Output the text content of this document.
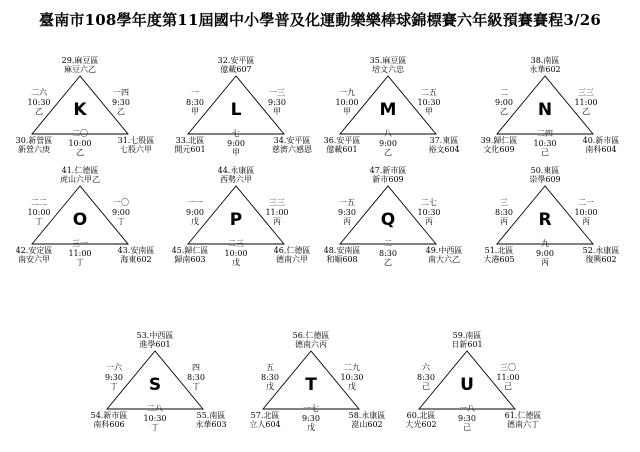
臺南市108學年度第11屆國中小學普及化運動樂樂棒球錦標賽六年級預賽賽程3/26
29.麻豆區
麻豆六乙
30.新營區
新營六庚
31.七股區
七股六甲
K
二六
10:30
乙
一四
9:30
乙
二〇
10:00
乙
32.安平區
億載607
33.北區
開元601
34.安平區
慈濟六感恩
L
一
8:30
甲
一三
9:30
甲
七
9:00
甲
35.麻豆區
培文六忠
36.安平區
億載601
37.東區
裕文604
M
一九
10:00
甲
二五
10:30
甲
八
9:00
乙
38.南區
永華602
39.歸仁區
文化609
40.新市區
南科604
N
二
9:00
乙
三三
11:00
乙
二四
10:30
己
41.仁德區
虎山六甲乙
42.安定區
南安六甲
43.安南區
海東602
O
二二
10:00
丁
一〇
9:00
丁
三一
11:00
丁
44.永康區
西勢六甲
45.歸仁區
歸南603
46.仁德區
德南六甲
P
一一
9:00
戊
三三
11:00
丙
二三
10:00
戊
47.新市區
新市609
48.安南區
和順608
49.中西區
南大六乙
Q
一五
9:30
丙
二七
10:30
丙
二
8:30
乙
50.東區
崇學609
51.北區
大港605
52.永康區
復興602
R
三
8:30
丙
二一
10:00
丙
九
9:00
丙
53.中西區
進學601
54.新市區
南科606
55.南區
永華603
S
一六
9:30
丁
四
8:30
丁
二八
10:30
丁
56.仁德區
德南六丙
57.北區
立人604
58.永康區
崑山602
T
五
8:30
戊
二九
10:30
戊
一七
9:30
戊
59.南區
日新601
60.北區
大光602
61.仁德區
德南六丁
U
六
8:30
己
三〇
11:00
己
一八
9:30
己
